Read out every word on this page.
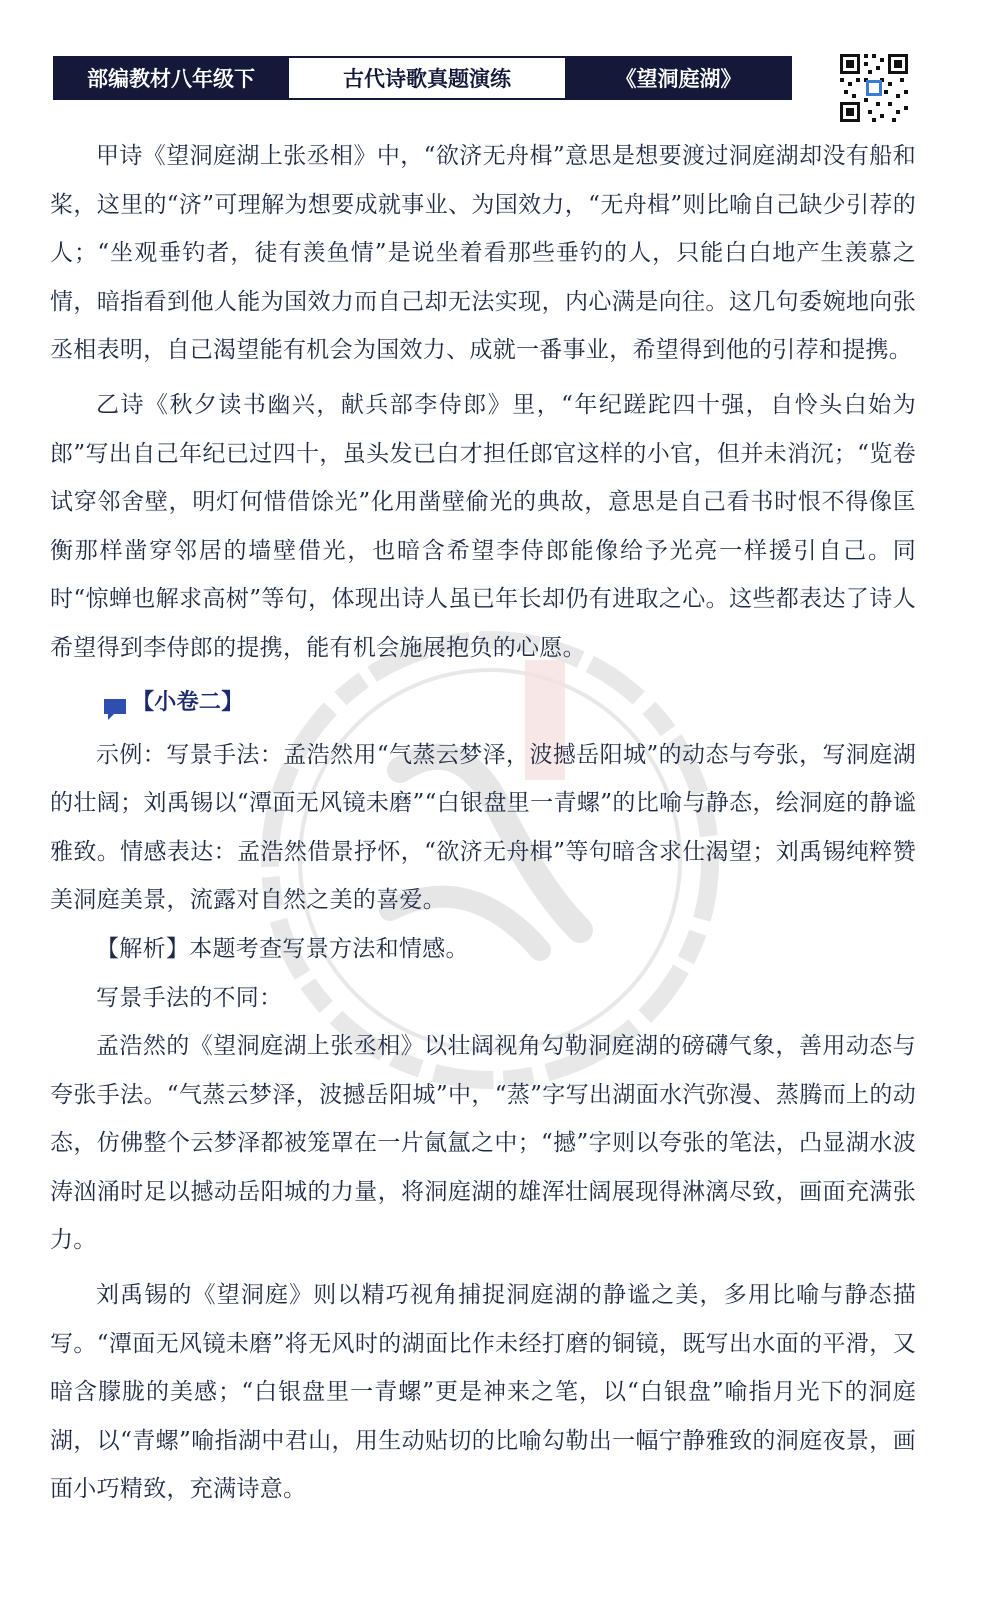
部编教材八年级下	古代诗歌真题演练	《望洞庭湖》

甲诗《望洞庭湖上张丞相》中，“欲济无舟楫”意思是想要渡过洞庭湖却没有船和桨，这里的“济”可理解为想要成就事业、为国效力，“无舟楫”则比喻自己缺少引荐的人；“坐观垂钓者，徒有羡鱼情”是说坐着看那些垂钓的人，只能白白地产生羡慕之情，暗指看到他人能为国效力而自己却无法实现，内心满是向往。这几句委婉地向张丞相表明，自己渴望能有机会为国效力、成就一番事业，希望得到他的引荐和提携。

乙诗《秋夕读书幽兴，献兵部李侍郎》里，“年纪蹉跎四十强，自怜头白始为郎”写出自己年纪已过四十，虽头发已白才担任郎官这样的小官，但并未消沉；“览卷试穿邻舍壁，明灯何惜借馀光”化用凿壁偷光的典故，意思是自己看书时恨不得像匡衡那样凿穿邻居的墙壁借光，也暗含希望李侍郎能像给予光亮一样援引自己。同时“惊蝉也解求高树”等句，体现出诗人虽已年长却仍有进取之心。这些都表达了诗人希望得到李侍郎的提携，能有机会施展抱负的心愿。

【小卷二】

示例：写景手法：孟浩然用“气蒸云梦泽，波撼岳阳城”的动态与夸张，写洞庭湖的壮阔；刘禹锡以“潭面无风镜未磨”“白银盘里一青螺”的比喻与静态，绘洞庭的静谧雅致。情感表达：孟浩然借景抒怀，“欲济无舟楫”等句暗含求仕渴望；刘禹锡纯粹赞美洞庭美景，流露对自然之美的喜爱。

【解析】本题考查写景方法和情感。

写景手法的不同：

孟浩然的《望洞庭湖上张丞相》以壮阔视角勾勒洞庭湖的磅礴气象，善用动态与夸张手法。“气蒸云梦泽，波撼岳阳城”中，“蒸”字写出湖面水汽弥漫、蒸腾而上的动态，仿佛整个云梦泽都被笼罩在一片氤氲之中；“撼”字则以夸张的笔法，凸显湖水波涛汹涌时足以撼动岳阳城的力量，将洞庭湖的雄浑壮阔展现得淋漓尽致，画面充满张力。

刘禹锡的《望洞庭》则以精巧视角捕捉洞庭湖的静谧之美，多用比喻与静态描写。“潭面无风镜未磨”将无风时的湖面比作未经打磨的铜镜，既写出水面的平滑，又暗含朦胧的美感；“白银盘里一青螺”更是神来之笔，以“白银盘”喻指月光下的洞庭湖，以“青螺”喻指湖中君山，用生动贴切的比喻勾勒出一幅宁静雅致的洞庭夜景，画面小巧精致，充满诗意。
